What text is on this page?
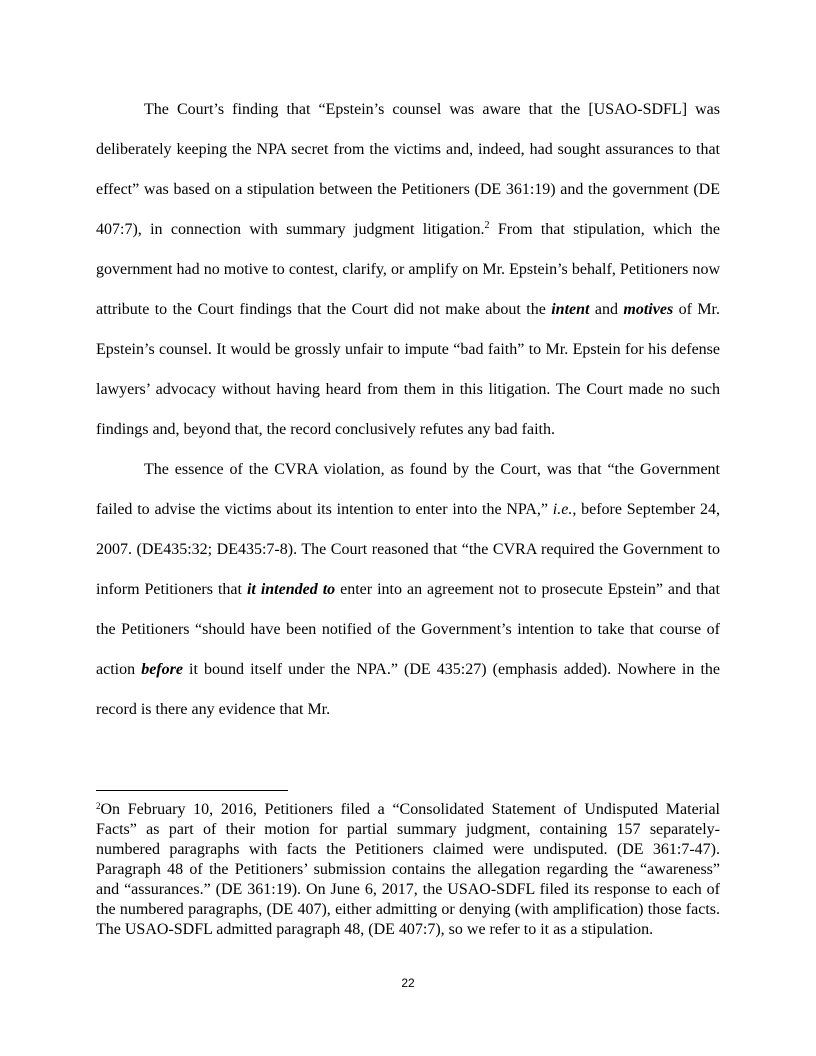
The Court’s finding that “Epstein’s counsel was aware that the [USAO-SDFL] was deliberately keeping the NPA secret from the victims and, indeed, had sought assurances to that effect” was based on a stipulation between the Petitioners (DE 361:19) and the government (DE 407:7), in connection with summary judgment litigation.$^2$ From that stipulation, which the government had no motive to contest, clarify, or amplify on Mr. Epstein’s behalf, Petitioners now attribute to the Court findings that the Court did not make about the intent and motives of Mr. Epstein’s counsel. It would be grossly unfair to impute “bad faith” to Mr. Epstein for his defense lawyers’ advocacy without having heard from them in this litigation. The Court made no such findings and, beyond that, the record conclusively refutes any bad faith.

The essence of the CVRA violation, as found by the Court, was that “the Government failed to advise the victims about its intention to enter into the NPA,” i.e., before September 24, 2007. (DE435:32; DE435:7-8). The Court reasoned that “the CVRA required the Government to inform Petitioners that it intended to enter into an agreement not to prosecute Epstein” and that the Petitioners “should have been notified of the Government’s intention to take that course of action before it bound itself under the NPA.” (DE 435:27) (emphasis added). Nowhere in the record is there any evidence that Mr.

$^2$On February 10, 2016, Petitioners filed a “Consolidated Statement of Undisputed Material Facts” as part of their motion for partial summary judgment, containing 157 separately-numbered paragraphs with facts the Petitioners claimed were undisputed. (DE 361:7-47). Paragraph 48 of the Petitioners’ submission contains the allegation regarding the “awareness” and “assurances.” (DE 361:19). On June 6, 2017, the USAO-SDFL filed its response to each of the numbered paragraphs, (DE 407), either admitting or denying (with amplification) those facts. The USAO-SDFL admitted paragraph 48, (DE 407:7), so we refer to it as a stipulation.

22
